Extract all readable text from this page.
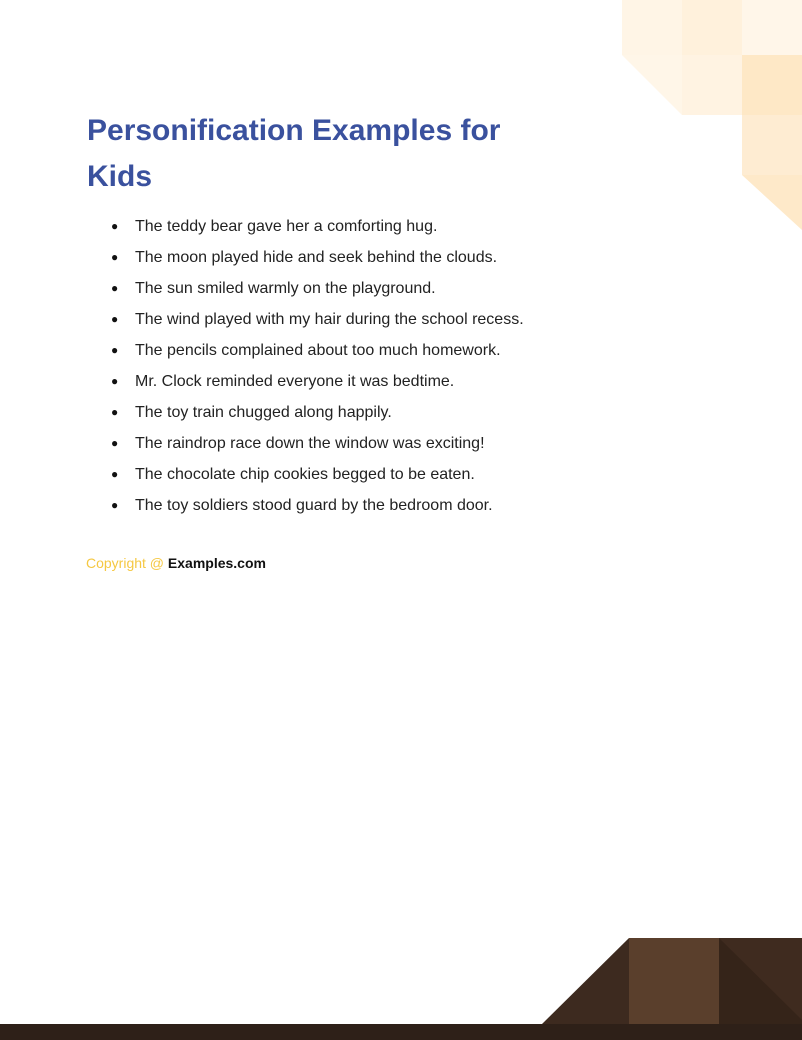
Personification Examples for Kids
● The teddy bear gave her a comforting hug.
● The moon played hide and seek behind the clouds.
● The sun smiled warmly on the playground.
● The wind played with my hair during the school recess.
● The pencils complained about too much homework.
● Mr. Clock reminded everyone it was bedtime.
● The toy train chugged along happily.
● The raindrop race down the window was exciting!
● The chocolate chip cookies begged to be eaten.
● The toy soldiers stood guard by the bedroom door.
Copyright @ Examples.com
